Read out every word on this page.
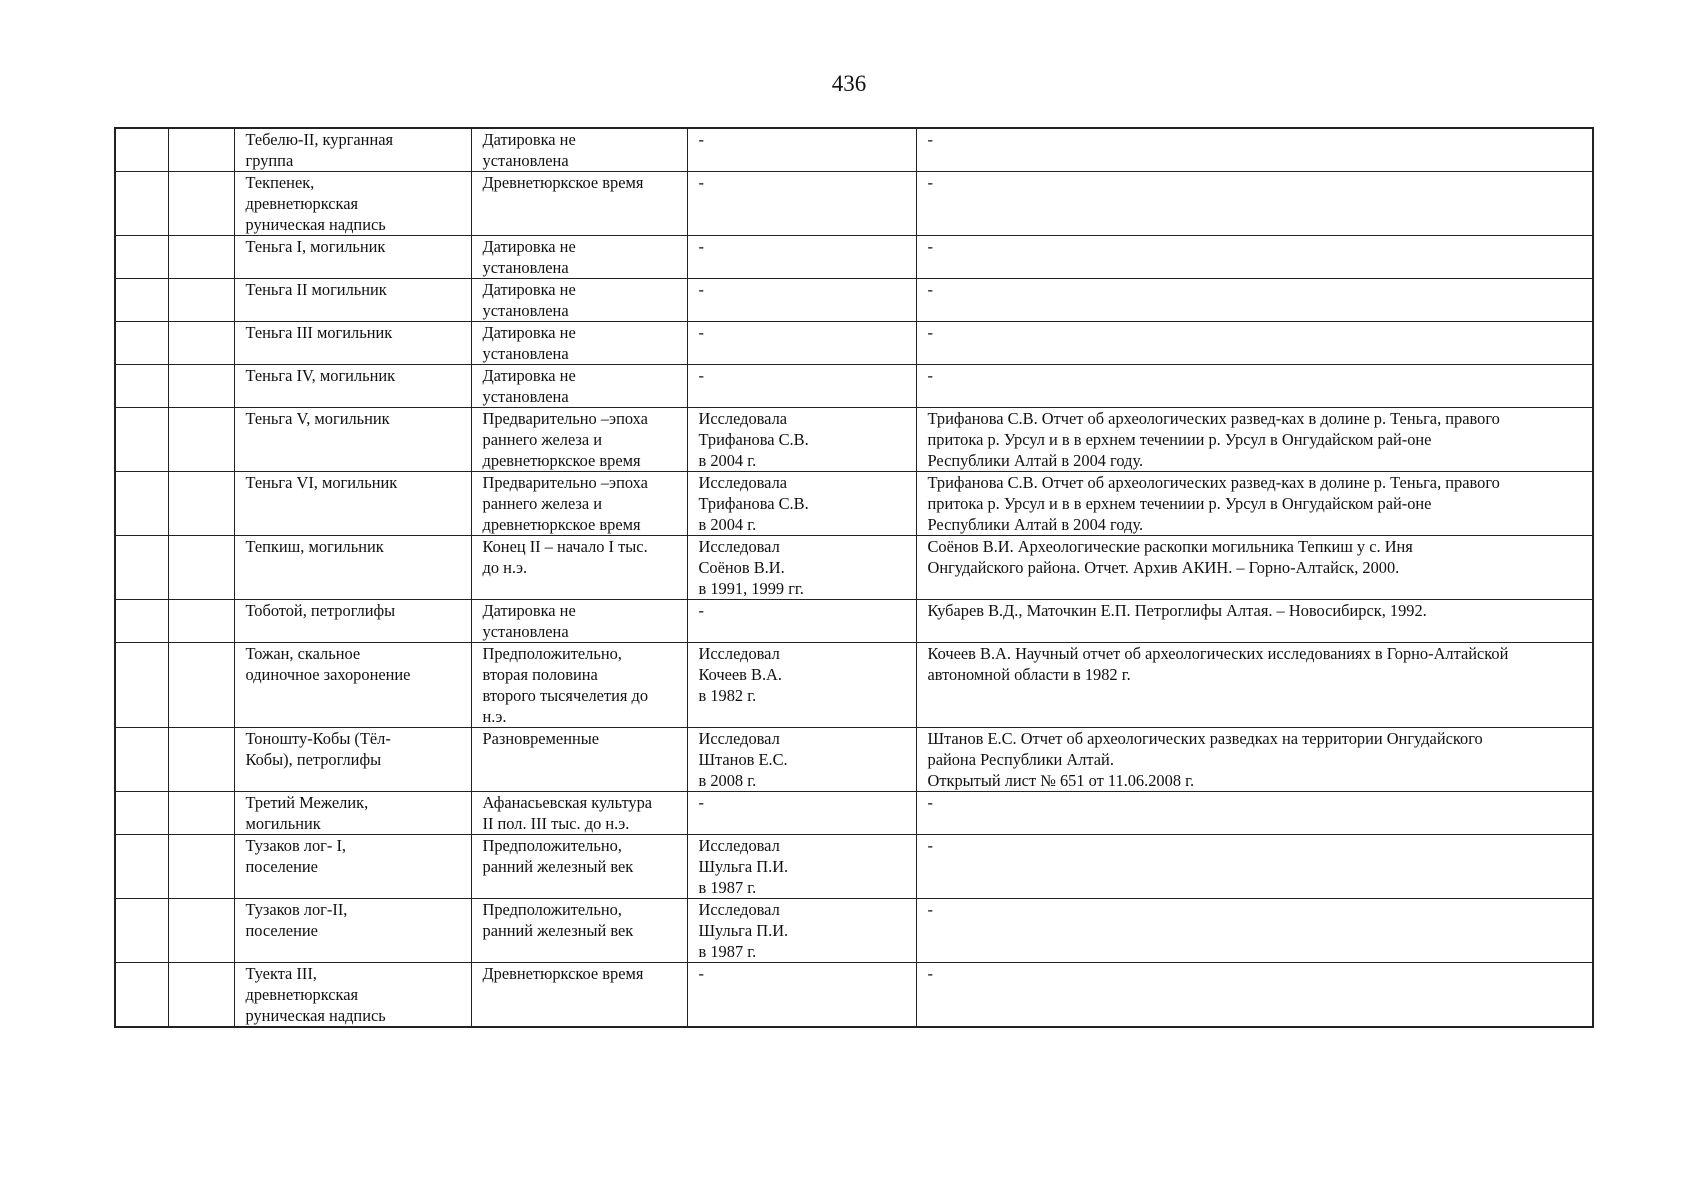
436
		Тебелю-II, курганная
группа	Датировка не
установлена	-	-
		Текпенек,
древнетюркская
руническая надпись	Древнетюркское время	-	-
		Теньга I, могильник	Датировка не
установлена	-	-
		Теньга II могильник	Датировка не
установлена	-	-
		Теньга III могильник	Датировка не
установлена	-	-
		Теньга IV, могильник	Датировка не
установлена	-	-
		Теньга V, могильник	Предварительно –эпоха
раннего железа и
древнетюркское время	Исследовала
Трифанова С.В.
в 2004 г.	Трифанова С.В. Отчет об археологических развед-ках в долине р. Теньга, правого
притока р. Урсул и в в ерхнем течениии р. Урсул в Онгудайском рай-оне
Республики Алтай в 2004 году.
		Теньга VI, могильник	Предварительно –эпоха
раннего железа и
древнетюркское время	Исследовала
Трифанова С.В.
в 2004 г.	Трифанова С.В. Отчет об археологических развед-ках в долине р. Теньга, правого
притока р. Урсул и в в ерхнем течениии р. Урсул в Онгудайском рай-оне
Республики Алтай в 2004 году.
		Тепкиш, могильник	Конец II – начало I тыс.
до н.э.	Исследовал
Соёнов В.И.
в 1991, 1999 гг.	Соёнов В.И. Археологические раскопки могильника Тепкиш у с. Иня
Онгудайского района. Отчет. Архив АКИН. – Горно-Алтайск, 2000.
		Тоботой, петроглифы	Датировка не
установлена	-	Кубарев В.Д., Маточкин Е.П. Петроглифы Алтая. – Новосибирск, 1992.
		Тожан, скальное
одиночное захоронение	Предположительно,
вторая половина
второго тысячелетия до
н.э.	Исследовал
Кочеев В.А.
в 1982 г.	Кочеев В.А. Научный отчет об археологических исследованиях в Горно-Алтайской
автономной области в 1982 г.
		Тоношту-Кобы (Тёл-
Кобы), петроглифы	Разновременные	Исследовал
Штанов Е.С.
в 2008 г.	Штанов Е.С. Отчет об археологических разведках на территории Онгудайского
района Республики Алтай.
Открытый лист № 651 от 11.06.2008 г.
		Третий Межелик,
могильник	Афанасьевская культура
II пол. III тыс. до н.э.	-	-
		Тузаков лог- I,
поселение	Предположительно,
ранний железный век	Исследовал
Шульга П.И.
в 1987 г.	-
		Тузаков лог-II,
поселение	Предположительно,
ранний железный век	Исследовал
Шульга П.И.
в 1987 г.	-
		Туекта III,
древнетюркская
руническая надпись	Древнетюркское время	-	-
